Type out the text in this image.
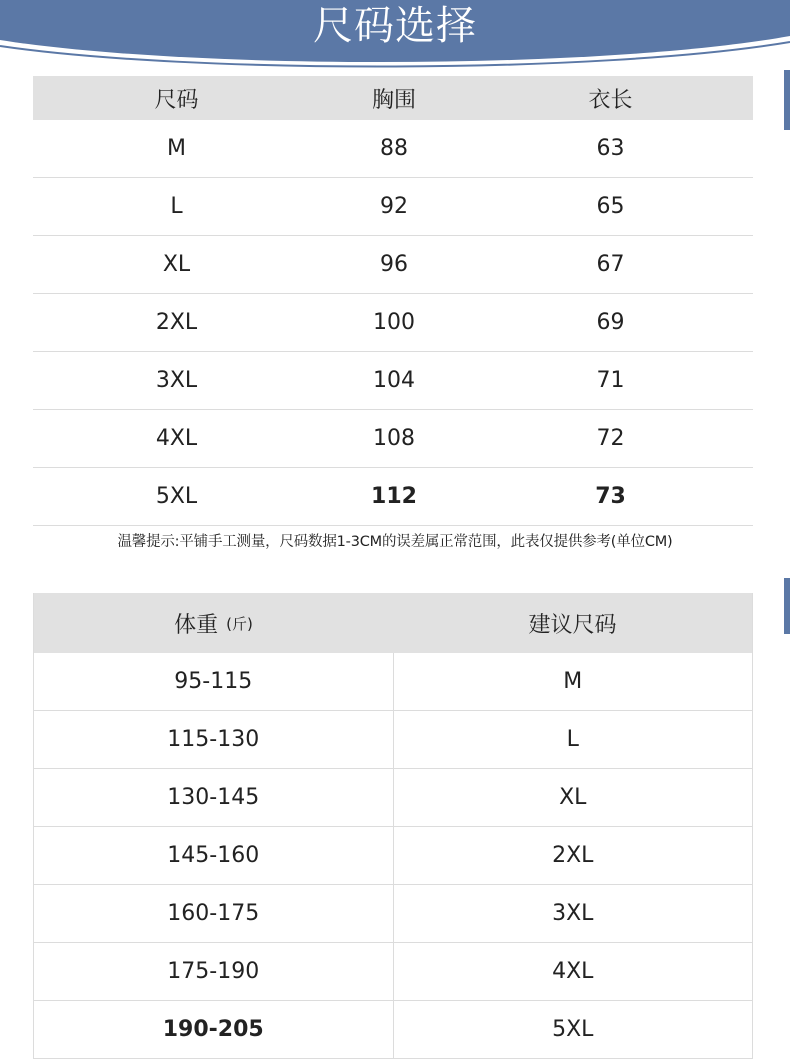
尺码选择
尺码	胸围	衣长
M	88	63
L	92	65
XL	96	67
2XL	100	69
3XL	104	71
4XL	108	72
5XL	112	73
温馨提示:平铺手工测量，尺码数据1-3CM的误差属正常范围，此表仅提供参考(单位CM)
体重 (斤)	建议尺码
95-115	M
115-130	L
130-145	XL
145-160	2XL
160-175	3XL
175-190	4XL
190-205	5XL
